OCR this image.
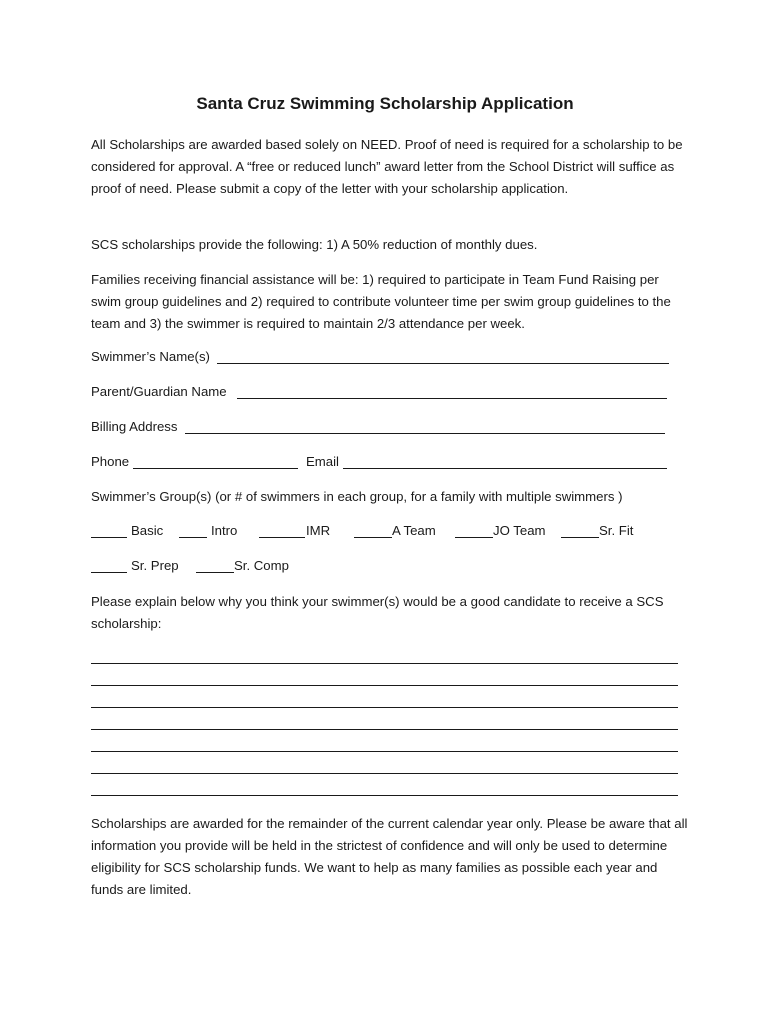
Santa Cruz Swimming Scholarship Application

All Scholarships are awarded based solely on NEED. Proof of need is required for a scholarship to be considered for approval. A “free or reduced lunch” award letter from the School District will suffice as proof of need. Please submit a copy of the letter with your scholarship application.

SCS scholarships provide the following: 1) A 50% reduction of monthly dues.

Families receiving financial assistance will be: 1) required to participate in Team Fund Raising per swim group guidelines and 2) required to contribute volunteer time per swim group guidelines to the team and 3) the swimmer is required to maintain 2/3 attendance per week.

Swimmer’s Name(s)
Parent/Guardian Name
Billing Address
Phone	Email
Swimmer’s Group(s) (or # of swimmers in each group, for a family with multiple swimmers )
Basic	Intro	IMR	A Team	JO Team	Sr. Fit
Sr. Prep	Sr. Comp

Please explain below why you think your swimmer(s) would be a good candidate to receive a SCS scholarship:

Scholarships are awarded for the remainder of the current calendar year only. Please be aware that all information you provide will be held in the strictest of confidence and will only be used to determine eligibility for SCS scholarship funds. We want to help as many families as possible each year and funds are limited.
